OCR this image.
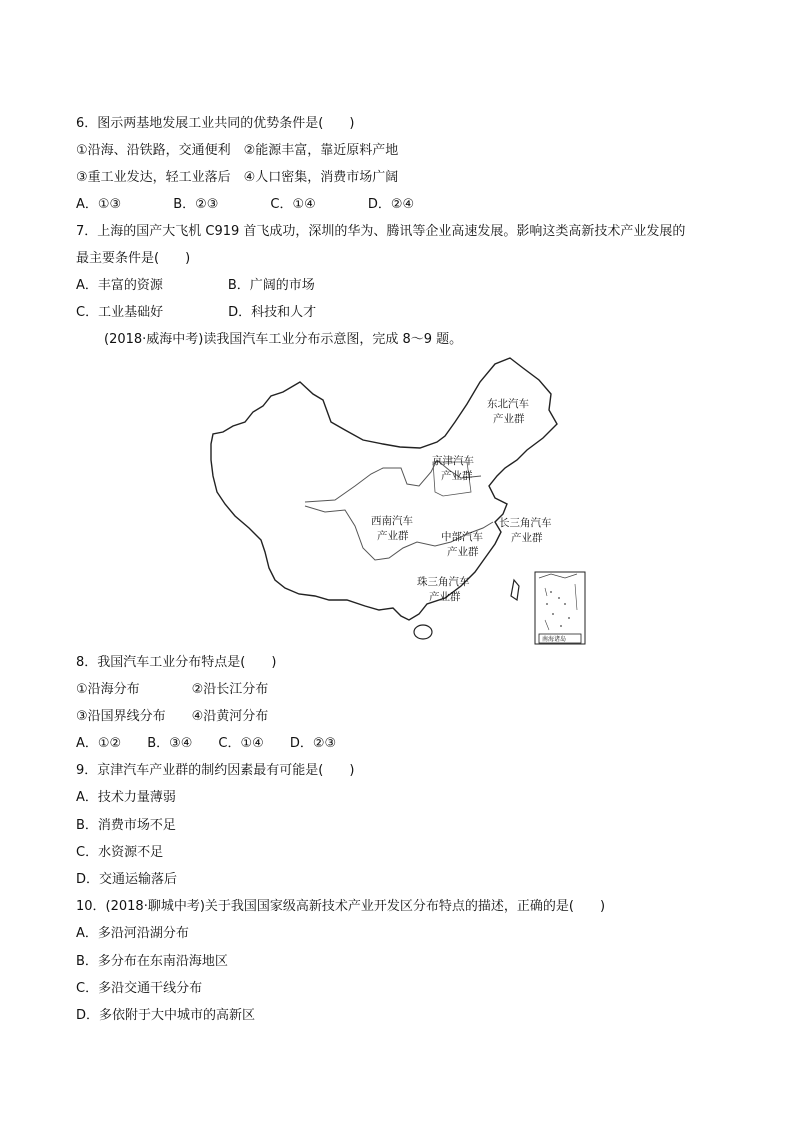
6．图示两基地发展工业共同的优势条件是(　　)
①沿海、沿铁路，交通便利　②能源丰富，靠近原料产地
③重工业发达，轻工业落后　④人口密集，消费市场广阔
A．①③　　　　B．②③　　　　C．①④　　　　D．②④
7．上海的国产大飞机 C919 首飞成功，深圳的华为、腾讯等企业高速发展。影响这类高新技术产业发展的
最主要条件是(　　)
A．丰富的资源　　　　　B．广阔的市场
C．工业基础好　　　　　D．科技和人才
(2018·威海中考)读我国汽车工业分布示意图，完成 8～9 题。
南海诸岛
东北汽车
产业群
京津汽车
产业群
西南汽车
产业群	中部汽车
产业群
长三角汽车
产业群
珠三角汽车
产业群
8．我国汽车工业分布特点是(　　)
①沿海分布　　　　②沿长江分布
③沿国界线分布　　④沿黄河分布
A．①②　　B．③④　　C．①④　　D．②③
9．京津汽车产业群的制约因素最有可能是(　　)
A．技术力量薄弱
B．消费市场不足
C．水资源不足
D．交通运输落后
10．(2018·聊城中考)关于我国国家级高新技术产业开发区分布特点的描述，正确的是(　　)
A．多沿河沿湖分布
B．多分布在东南沿海地区
C．多沿交通干线分布
D．多依附于大中城市的高新区
